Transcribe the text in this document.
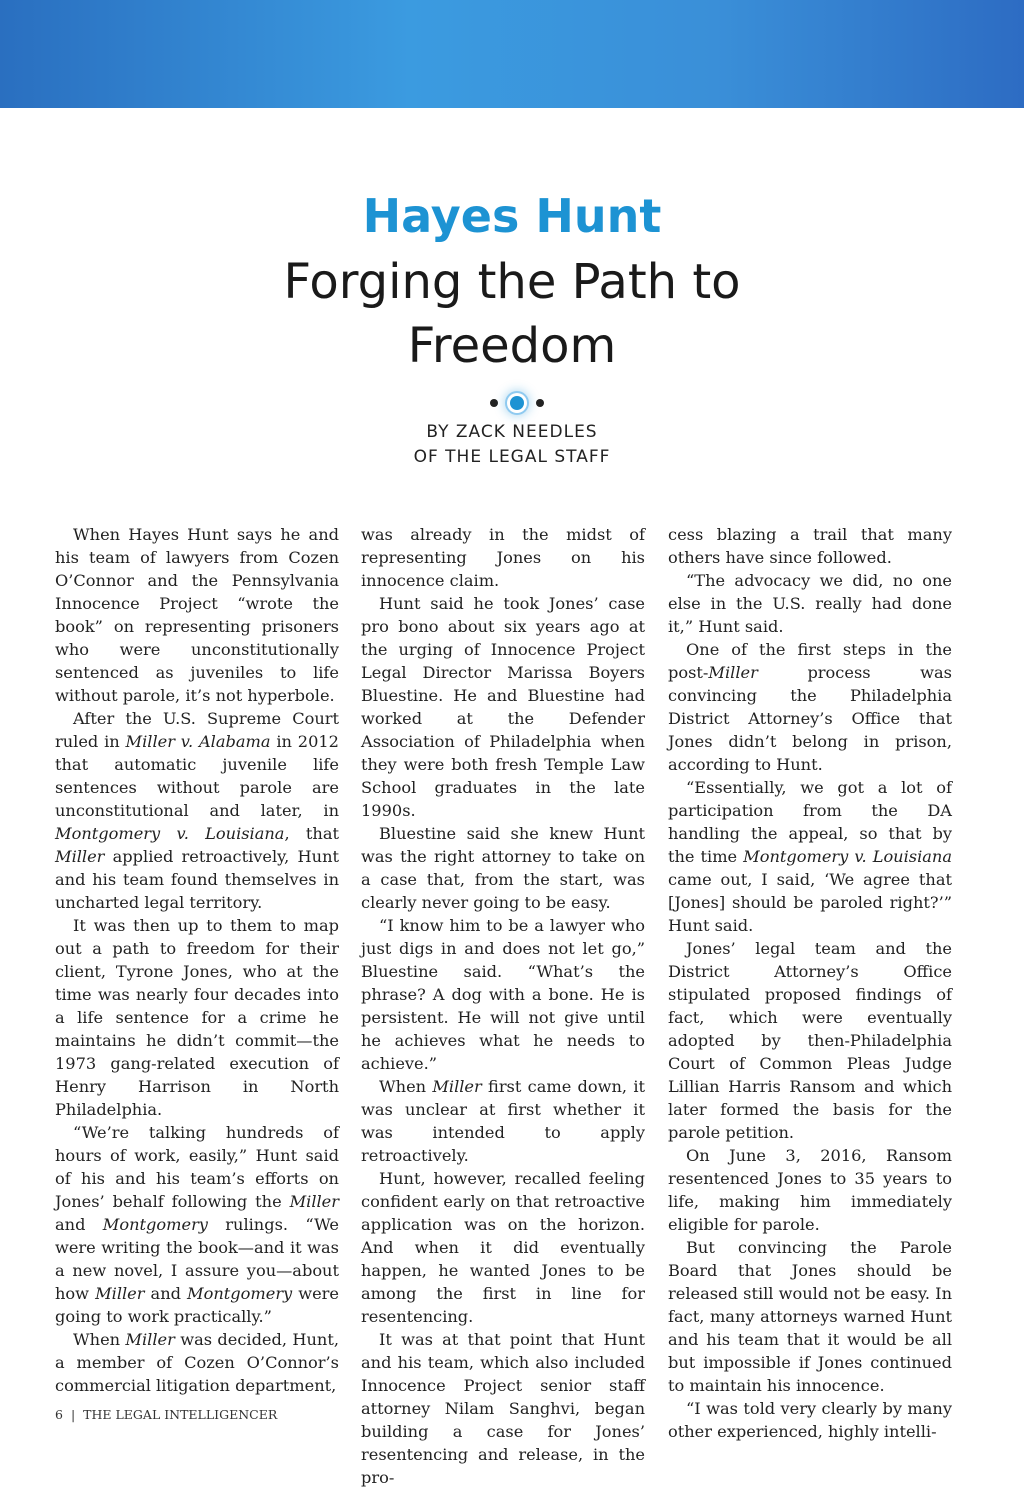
Hayes Hunt
Forging the Path to Freedom
BY ZACK NEEDLES
OF THE LEGAL STAFF

When Hayes Hunt says he and his team of lawyers from Cozen O’Connor and the Pennsylvania Innocence Project “wrote the book” on representing prisoners who were unconstitutionally sentenced as juveniles to life without parole, it’s not hyperbole.

After the U.S. Supreme Court ruled in Miller v. Alabama in 2012 that automatic juvenile life sentences without parole are unconstitutional and later, in Montgomery v. Louisiana, that Miller applied retroactively, Hunt and his team found themselves in uncharted legal territory.

It was then up to them to map out a path to freedom for their client, Tyrone Jones, who at the time was nearly four decades into a life sentence for a crime he maintains he didn’t commit—the 1973 gang-related execution of Henry Harrison in North Philadelphia.

“We’re talking hundreds of hours of work, easily,” Hunt said of his and his team’s efforts on Jones’ behalf following the Miller and Montgomery rulings. “We were writing the book—and it was a new novel, I assure you—about how Miller and Montgomery were going to work practically.”

When Miller was decided, Hunt, a member of Cozen O’Connor’s commercial litigation department,

was already in the midst of representing Jones on his innocence claim.

Hunt said he took Jones’ case pro bono about six years ago at the urging of Innocence Project Legal Director Marissa Boyers Bluestine. He and Bluestine had worked at the Defender Association of Philadelphia when they were both fresh Temple Law School graduates in the late 1990s.

Bluestine said she knew Hunt was the right attorney to take on a case that, from the start, was clearly never going to be easy.

“I know him to be a lawyer who just digs in and does not let go,” Bluestine said. “What’s the phrase? A dog with a bone. He is persistent. He will not give until he achieves what he needs to achieve.”

When Miller first came down, it was unclear at first whether it was intended to apply retroactively.

Hunt, however, recalled feeling confident early on that retroactive application was on the horizon. And when it did eventually happen, he wanted Jones to be among the first in line for resentencing.

It was at that point that Hunt and his team, which also included Innocence Project senior staff attorney Nilam Sanghvi, began building a case for Jones’ resentencing and release, in the pro-

cess blazing a trail that many others have since followed.

“The advocacy we did, no one else in the U.S. really had done it,” Hunt said.

One of the first steps in the post-Miller process was convincing the Philadelphia District Attorney’s Office that Jones didn’t belong in prison, according to Hunt.

“Essentially, we got a lot of participation from the DA handling the appeal, so that by the time Montgomery v. Louisiana came out, I said, ‘We agree that [Jones] should be paroled right?’” Hunt said.

Jones’ legal team and the District Attorney’s Office stipulated proposed findings of fact, which were eventually adopted by then-Philadelphia Court of Common Pleas Judge Lillian Harris Ransom and which later formed the basis for the parole petition.

On June 3, 2016, Ransom resentenced Jones to 35 years to life, making him immediately eligible for parole.

But convincing the Parole Board that Jones should be released still would not be easy. In fact, many attorneys warned Hunt and his team that it would be all but impossible if Jones continued to maintain his innocence.

“I was told very clearly by many other experienced, highly intelli-

6 | THE LEGAL INTELLIGENCER
